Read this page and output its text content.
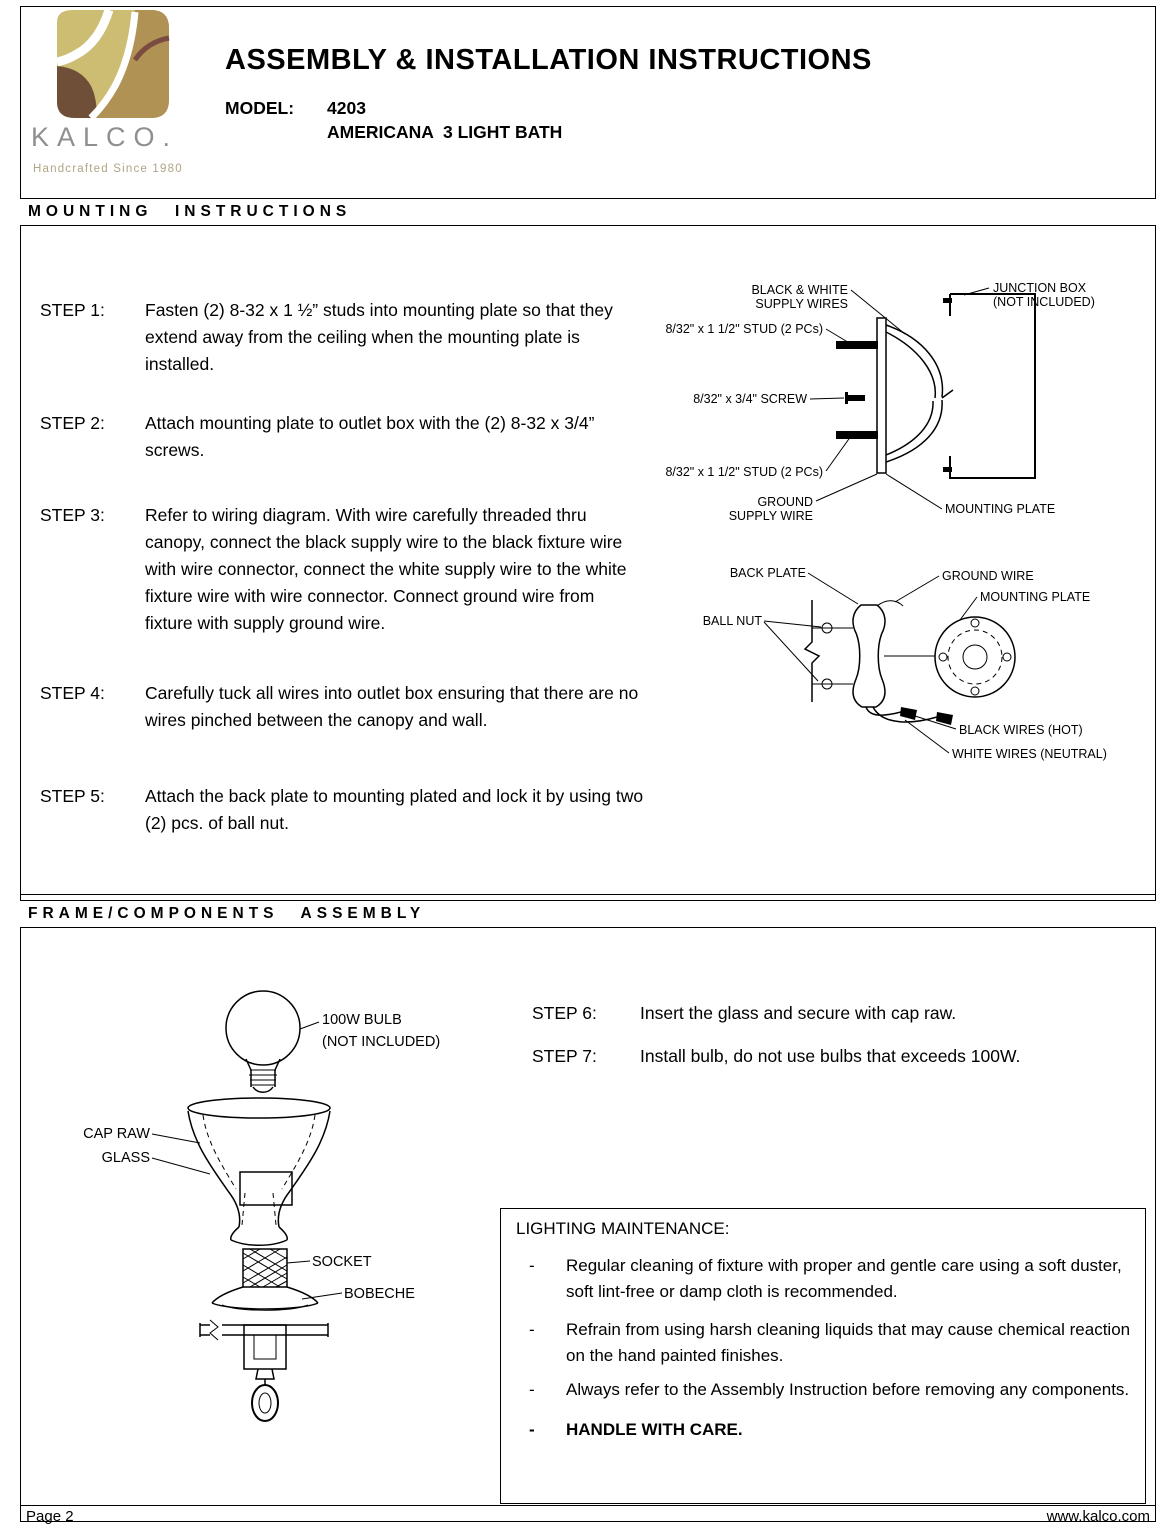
KALCO.
Handcrafted Since 1980
ASSEMBLY & INSTALLATION INSTRUCTIONS
MODEL: 4203
AMERICANA  3 LIGHT BATH
MOUNTING  INSTRUCTIONS
STEP 1: Fasten (2) 8-32 x 1 ½” studs into mounting plate so that they extend away from the ceiling when the mounting plate is installed.
STEP 2: Attach mounting plate to outlet box with the (2) 8-32 x 3/4” screws.
STEP 3: Refer to wiring diagram. With wire carefully threaded thru canopy, connect the black supply wire to the black fixture wire with wire connector, connect the white supply wire to the white fixture wire with wire connector. Connect ground wire from fixture with supply ground wire.
STEP 4: Carefully tuck all wires into outlet box ensuring that there are no wires pinched between the canopy and wall.
STEP 5: Attach the back plate to mounting plated and lock it by using two (2) pcs. of ball nut.
BLACK & WHITE
SUPPLY WIRES
JUNCTION BOX
(NOT INCLUDED)
8/32" x 1 1/2" STUD (2 PCs)
8/32" x 3/4" SCREW
8/32" x 1 1/2" STUD (2 PCs)
GROUND
SUPPLY WIRE	MOUNTING PLATE
BACK PLATE	GROUND WIRE
MOUNTING PLATE
BALL NUT
BLACK WIRES (HOT)
WHITE WIRES (NEUTRAL)
FRAME/COMPONENTS  ASSEMBLY
STEP 6: Insert the glass and secure with cap raw.
STEP 7: Install bulb, do not use bulbs that exceeds 100W.
100W BULB
(NOT INCLUDED)
CAP RAW
GLASS
SOCKET
BOBECHE
LIGHTING MAINTENANCE:
- Regular cleaning of fixture with proper and gentle care using a soft duster, soft lint-free or damp cloth is recommended.
- Refrain from using harsh cleaning liquids that may cause chemical reaction on the hand painted finishes.
- Always refer to the Assembly Instruction before removing any components.
- HANDLE WITH CARE.
Page 2	www.kalco.com
